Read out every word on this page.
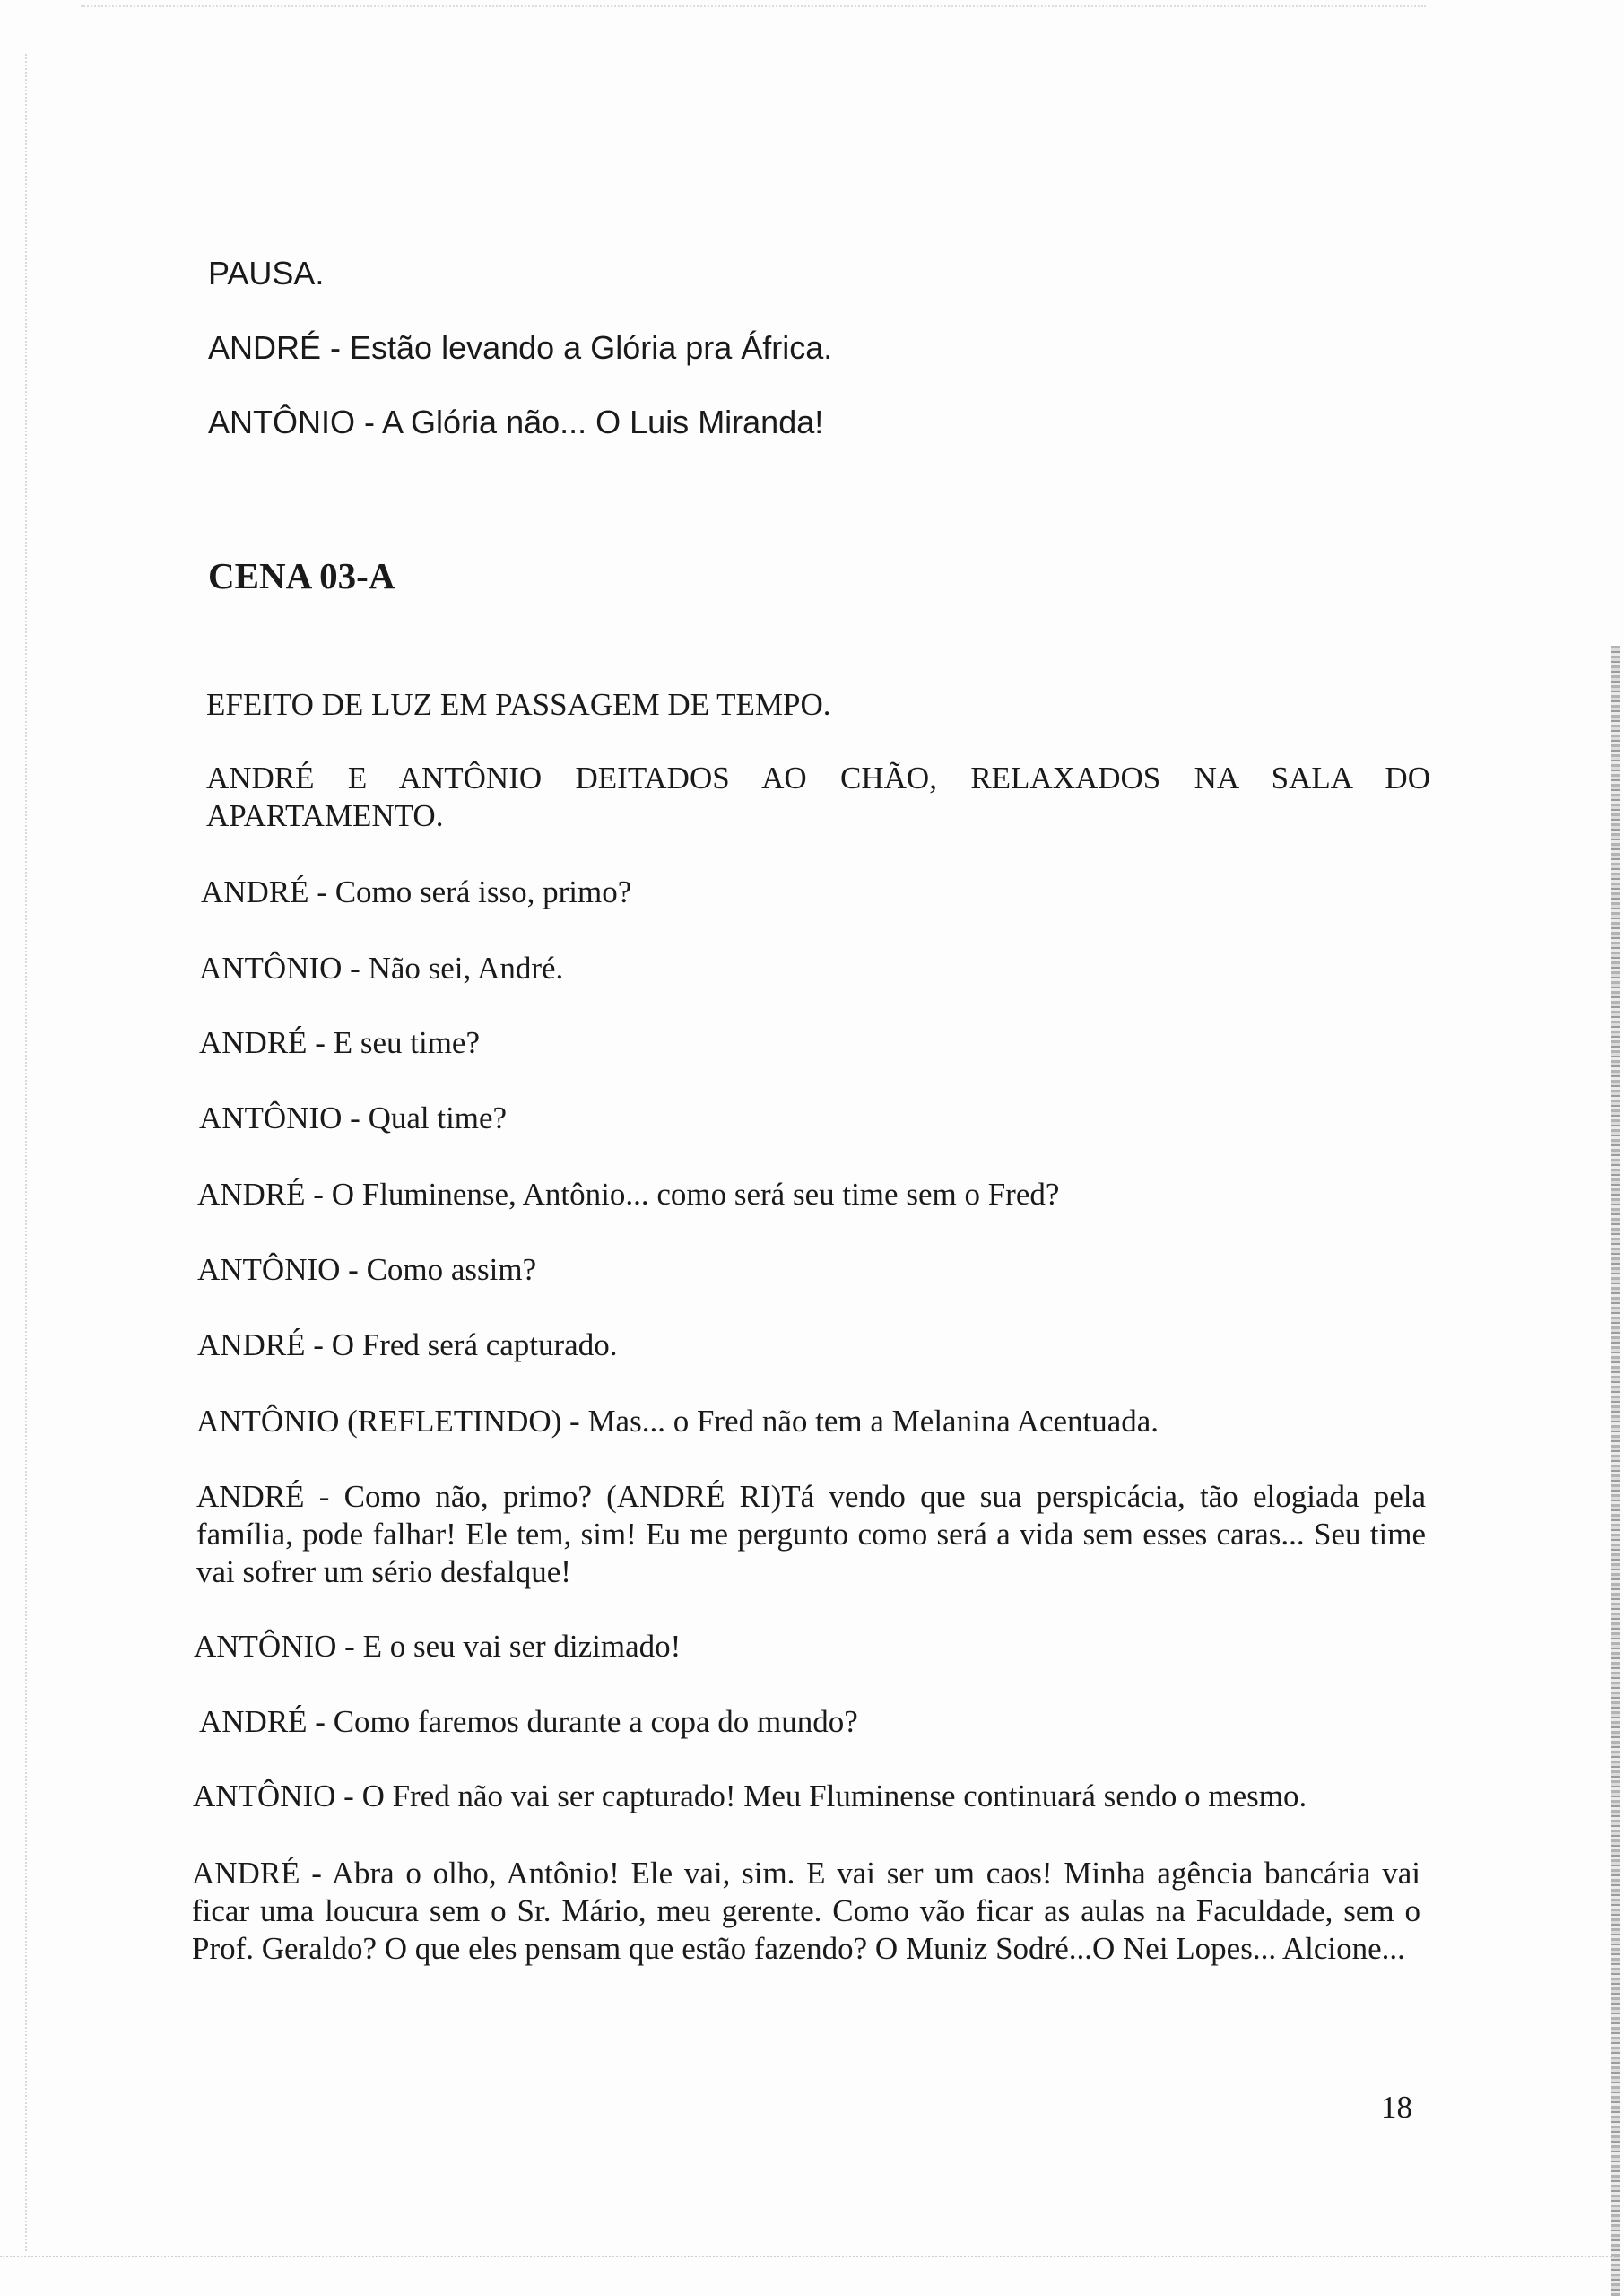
PAUSA.
ANDRÉ - Estão levando a Glória pra África.
ANTÔNIO - A Glória não... O Luis Miranda!
CENA 03-A
EFEITO DE LUZ EM PASSAGEM DE TEMPO.
ANDRÉ E ANTÔNIO DEITADOS AO CHÃO, RELAXADOS NA SALA DO APARTAMENTO.
ANDRÉ - Como será isso, primo?
ANTÔNIO - Não sei, André.
ANDRÉ - E seu time?
ANTÔNIO - Qual time?
ANDRÉ - O Fluminense, Antônio... como será seu time sem o Fred?
ANTÔNIO - Como assim?
ANDRÉ - O Fred será capturado.
ANTÔNIO (REFLETINDO) - Mas... o Fred não tem a Melanina Acentuada.
ANDRÉ - Como não, primo? (ANDRÉ RI)Tá vendo que sua perspicácia, tão elogiada pela família, pode falhar! Ele tem, sim! Eu me pergunto como será a vida sem esses caras... Seu time vai sofrer um sério desfalque!
ANTÔNIO - E o seu vai ser dizimado!
ANDRÉ - Como faremos durante a copa do mundo?
ANTÔNIO - O Fred não vai ser capturado! Meu Fluminense continuará sendo o mesmo.
ANDRÉ - Abra o olho, Antônio! Ele vai, sim. E vai ser um caos! Minha agência bancária vai ficar uma loucura sem o Sr. Mário, meu gerente. Como vão ficar as aulas na Faculdade, sem o Prof. Geraldo? O que eles pensam que estão fazendo? O Muniz Sodré...O Nei Lopes... Alcione...
18
